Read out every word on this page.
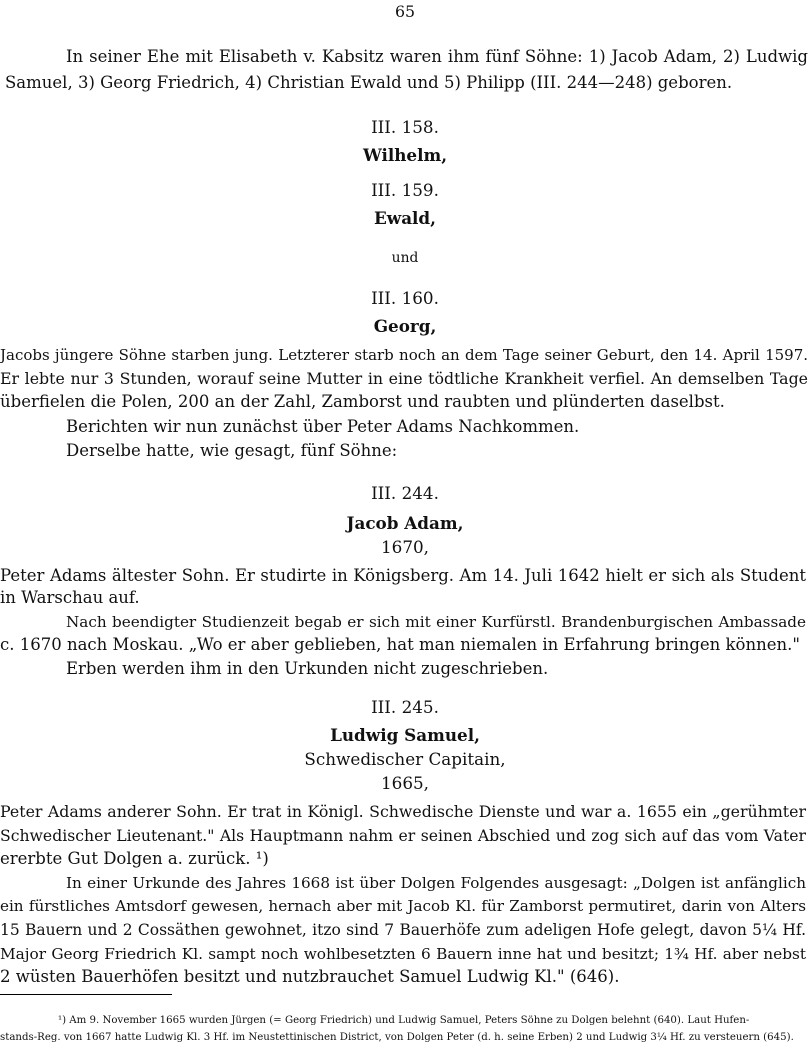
65
In seiner Ehe mit Elisabeth v. Kabsitz waren ihm fünf Söhne: 1) Jacob Adam, 2) Ludwig
Samuel, 3) Georg Friedrich, 4) Christian Ewald und 5) Philipp (III. 244—248) geboren.
III. 158.
Wilhelm,
III. 159.
Ewald,
und
III. 160.
Georg,
Jacobs jüngere Söhne starben jung. Letzterer starb noch an dem Tage seiner Geburt, den 14. April 1597.
Er lebte nur 3 Stunden, worauf seine Mutter in eine tödtliche Krankheit verfiel. An demselben Tage
überfielen die Polen, 200 an der Zahl, Zamborst und raubten und plünderten daselbst.
Berichten wir nun zunächst über Peter Adams Nachkommen.
Derselbe hatte, wie gesagt, fünf Söhne:
III. 244.
Jacob Adam,
1670,
Peter Adams ältester Sohn. Er studirte in Königsberg. Am 14. Juli 1642 hielt er sich als Student
in Warschau auf.
Nach beendigter Studienzeit begab er sich mit einer Kurfürstl. Brandenburgischen Ambassade
c. 1670 nach Moskau. „Wo er aber geblieben, hat man niemalen in Erfahrung bringen können."
Erben werden ihm in den Urkunden nicht zugeschrieben.
III. 245.
Ludwig Samuel,
Schwedischer Capitain,
1665,
Peter Adams anderer Sohn. Er trat in Königl. Schwedische Dienste und war a. 1655 ein „gerühmter
Schwedischer Lieutenant." Als Hauptmann nahm er seinen Abschied und zog sich auf das vom Vater
ererbte Gut Dolgen a. zurück. ¹)
In einer Urkunde des Jahres 1668 ist über Dolgen Folgendes ausgesagt: „Dolgen ist anfänglich
ein fürstliches Amtsdorf gewesen, hernach aber mit Jacob Kl. für Zamborst permutiret, darin von Alters
15 Bauern und 2 Cossäthen gewohnet, itzo sind 7 Bauerhöfe zum adeligen Hofe gelegt, davon 5¼ Hf.
Major Georg Friedrich Kl. sampt noch wohlbesetzten 6 Bauern inne hat und besitzt; 1¾ Hf. aber nebst
2 wüsten Bauerhöfen besitzt und nutzbrauchet Samuel Ludwig Kl." (646).
¹) Am 9. November 1665 wurden Jürgen (= Georg Friedrich) und Ludwig Samuel, Peters Söhne zu Dolgen belehnt (640). Laut Hufen-
stands-Reg. von 1667 hatte Ludwig Kl. 3 Hf. im Neustettinischen District, von Dolgen Peter (d. h. seine Erben) 2 und Ludwig 3¼ Hf. zu versteuern (645).
